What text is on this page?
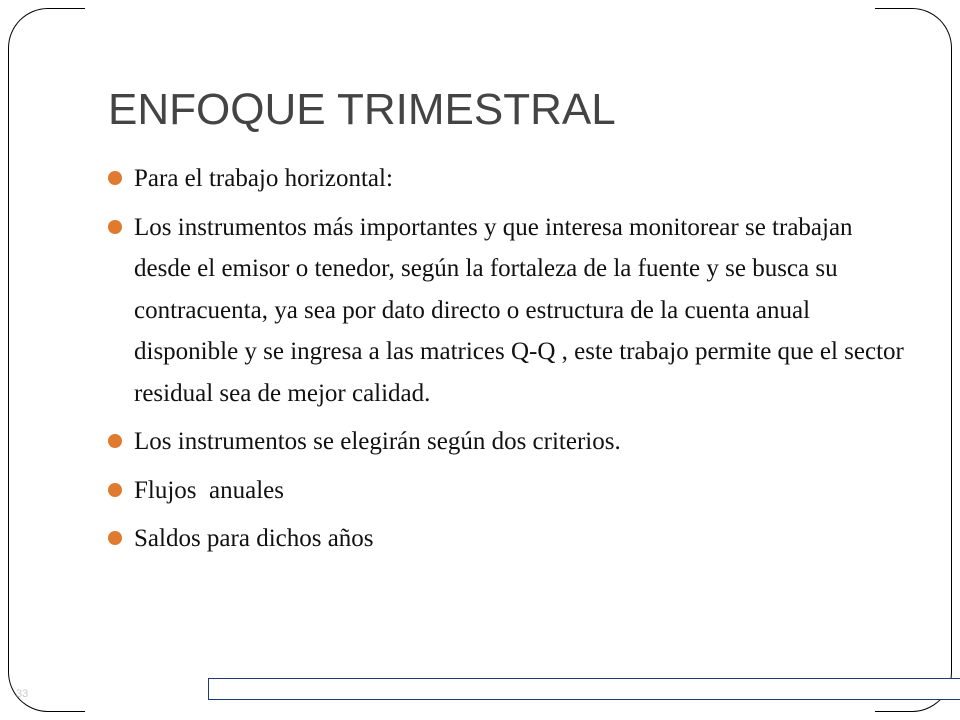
ENFOQUE TRIMESTRAL
Para el trabajo horizontal:
Los instrumentos más importantes y que interesa monitorear se trabajan desde el emisor o tenedor, según la fortaleza de la fuente y se busca su contracuenta, ya sea por dato directo o estructura de la cuenta anual disponible y se ingresa a las matrices Q-Q , este trabajo permite que el sector residual sea de mejor calidad.
Los instrumentos se elegirán según dos criterios.
Flujos  anuales
Saldos para dichos años
33
